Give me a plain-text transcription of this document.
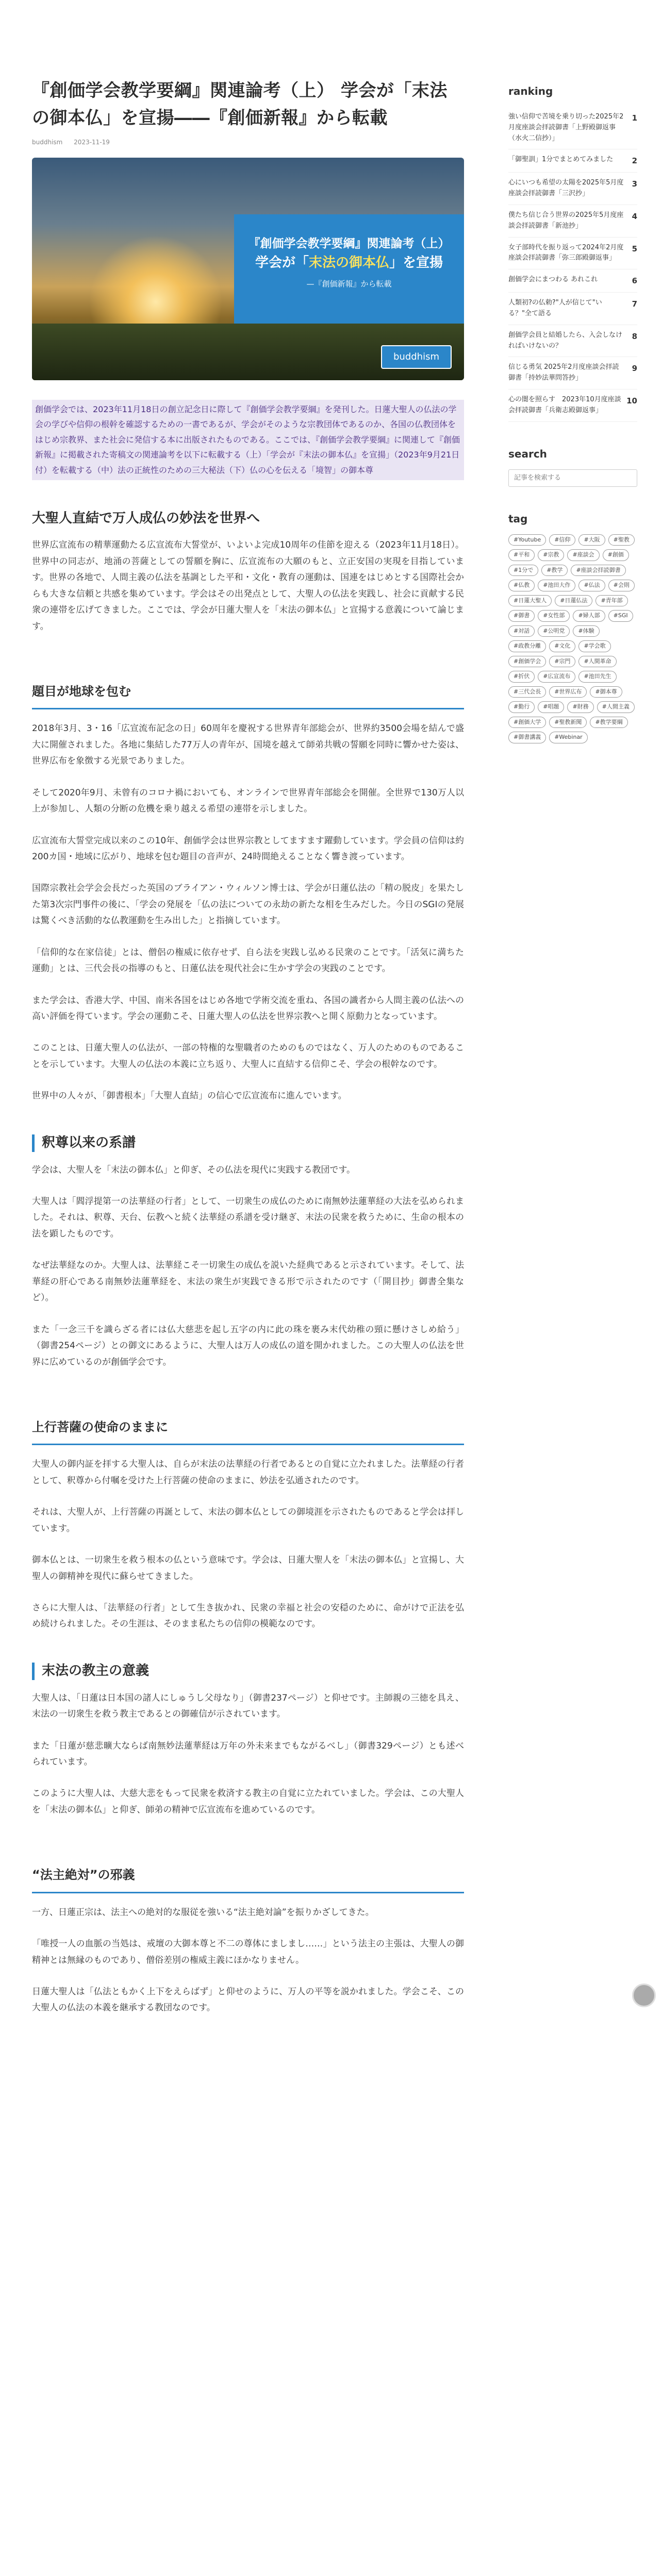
『創価学会教学要綱』関連論考（上） 学会が「末法の御本仏」を宣揚――『創価新報』から転載
buddhism 2023-11-19
『創価学会教学要綱』関連論考（上）
学会が「末法の御本仏」を宣揚
—『創価新報』から転載
buddhism
創価学会では、2023年11月18日の創立記念日に際して『創価学会教学要綱』を発刊した。日蓮大聖人の仏法の学会の学びや信仰の根幹を確認するための一書であるが、学会がそのような宗教団体であるのか、各国の仏教団体をはじめ宗教界、また社会に発信する本に出版されたものである。ここでは、『創価学会教学要綱』に関連して『創価新報』に掲載された寄稿文の関連論考を以下に転載する（上）「学会が『末法の御本仏』を宣揚」（2023年9月21日付）を転載する（中）法の正統性のための三大秘法（下）仏の心を伝える「境智」の御本尊
大聖人直結で万人成仏の妙法を世界へ

世界広宣流布の精華運動たる広宣流布大誓堂が、いよいよ完成10周年の佳節を迎える（2023年11月18日）。世界中の同志が、地涌の菩薩としての誓願を胸に、広宣流布の大願のもと、立正安国の実現を目指しています。世界の各地で、人間主義の仏法を基調とした平和・文化・教育の運動は、国連をはじめとする国際社会からも大きな信頼と共感を集めています。学会はその出発点として、大聖人の仏法を実践し、社会に貢献する民衆の連帯を広げてきました。ここでは、学会が日蓮大聖人を「末法の御本仏」と宣揚する意義について論じます。

題目が地球を包む

2018年3月、3・16「広宣流布記念の日」60周年を慶祝する世界青年部総会が、世界約3500会場を結んで盛大に開催されました。各地に集結した77万人の青年が、国境を越えて師弟共戦の誓願を同時に響かせた姿は、世界広布を象徴する光景でありました。

そして2020年9月、未曾有のコロナ禍においても、オンラインで世界青年部総会を開催。全世界で130万人以上が参加し、人類の分断の危機を乗り越える希望の連帯を示しました。

広宣流布大誓堂完成以来のこの10年、創価学会は世界宗教としてますます躍動しています。学会員の信仰は約200カ国・地域に広がり、地球を包む題目の音声が、24時間絶えることなく響き渡っています。

国際宗教社会学会会長だった英国のブライアン・ウィルソン博士は、学会が日蓮仏法の「精の脱皮」を果たした第3次宗門事件の後に、「学会の発展を「仏の法についての永劫の新たな相を生みだした。今日のSGIの発展は驚くべき活動的な仏教運動を生み出した」と指摘しています。

「信仰的な在家信徒」とは、僧侶の権威に依存せず、自ら法を実践し弘める民衆のことです。「活気に満ちた運動」とは、三代会長の指導のもと、日蓮仏法を現代社会に生かす学会の実践のことです。

また学会は、香港大学、中国、南米各国をはじめ各地で学術交流を重ね、各国の識者から人間主義の仏法への高い評価を得ています。学会の運動こそ、日蓮大聖人の仏法を世界宗教へと開く原動力となっています。

このことは、日蓮大聖人の仏法が、一部の特権的な聖職者のためのものではなく、万人のためのものであることを示しています。大聖人の仏法の本義に立ち返り、大聖人に直結する信仰こそ、学会の根幹なのです。

世界中の人々が、「御書根本」「大聖人直結」の信心で広宣流布に進んでいます。

釈尊以来の系譜

学会は、大聖人を「末法の御本仏」と仰ぎ、その仏法を現代に実践する教団です。

大聖人は「閻浮提第一の法華経の行者」として、一切衆生の成仏のために南無妙法蓮華経の大法を弘められました。それは、釈尊、天台、伝教へと続く法華経の系譜を受け継ぎ、末法の民衆を救うために、生命の根本の法を顕したものです。

なぜ法華経なのか。大聖人は、法華経こそ一切衆生の成仏を説いた経典であると示されています。そして、法華経の肝心である南無妙法蓮華経を、末法の衆生が実践できる形で示されたのです（「開目抄」御書全集など）。

また「一念三千を識らざる者には仏大慈悲を起し五字の内に此の珠を裹み末代幼稚の頸に懸けさしめ給う」（御書254ページ）との御文にあるように、大聖人は万人の成仏の道を開かれました。この大聖人の仏法を世界に広めているのが創価学会です。

上行菩薩の使命のままに

大聖人の御内証を拝する大聖人は、自らが末法の法華経の行者であるとの自覚に立たれました。法華経の行者として、釈尊から付嘱を受けた上行菩薩の使命のままに、妙法を弘通されたのです。

それは、大聖人が、上行菩薩の再誕として、末法の御本仏としての御境涯を示されたものであると学会は拝しています。

御本仏とは、一切衆生を救う根本の仏という意味です。学会は、日蓮大聖人を「末法の御本仏」と宣揚し、大聖人の御精神を現代に蘇らせてきました。

さらに大聖人は、「法華経の行者」として生き抜かれ、民衆の幸福と社会の安穏のために、命がけで正法を弘め続けられました。その生涯は、そのまま私たちの信仰の模範なのです。

末法の教主の意義

大聖人は、「日蓮は日本国の諸人にしゅうし父母なり」（御書237ページ）と仰せです。主師親の三徳を具え、末法の一切衆生を救う教主であるとの御確信が示されています。

また「日蓮が慈悲曠大ならば南無妙法蓮華経は万年の外未来までもながるべし」（御書329ページ）とも述べられています。

このように大聖人は、大慈大悲をもって民衆を救済する教主の自覚に立たれていました。学会は、この大聖人を「末法の御本仏」と仰ぎ、師弟の精神で広宣流布を進めているのです。

“法主絶対”の邪義

一方、日蓮正宗は、法主への絶対的な服従を強いる“法主絶対論”を振りかざしてきた。

「唯授一人の血脈の当処は、戒壇の大御本尊と不二の尊体にましまし……」という法主の主張は、大聖人の御精神とは無縁のものであり、僧俗差別の権威主義にほかなりません。

日蓮大聖人は「仏法ともかく上下をえらばず」と仰せのように、万人の平等を説かれました。学会こそ、この大聖人の仏法の本義を継承する教団なのです。

ranking
強い信仰で苦境を乗り切った2025年2月度座談会拝読御書「上野殿御返事（水火二信抄）」
1
「御聖訓」1分でまとめてみました	2
心にいつも希望の太陽を2025年5月度座談会拝読御書「三沢抄」
3
僕たち信じ合う世界の2025年5月度座談会拝読御書「新池抄」
4
女子部時代を振り返って2024年2月度座談会拝読御書「弥三郎殿御返事」
5
創価学会にまつわる あれこれ	6
人類初?の仏勅?"人が信じて"いる？"全て語る
7
創価学会員と結婚したら、入会しなければいけないの？
8
信じる勇気 2025年2月度座談会拝読御書「持妙法華問答抄」
9
心の闇を照らす　2023年10月度座談会拝読御書「兵衛志殿御返事」
10
search
記事を検索する
tag
#Youtube	#信仰	#大阪	#聖教
#平和	#宗教	#座談会	#創価
#1分で	#教学	#座談会拝読御書
#仏教	#池田大作	#仏法	#会則
#日蓮大聖人	#日蓮仏法	#青年部
#御書	#女性部	#婦人部	#SGI
#対話	#公明党	#体験
#政教分離	#文化	#学会歌
#創価学会	#宗門	#人間革命
#折伏	#広宣流布	#池田先生
#三代会長	#世界広布	#御本尊
#勤行	#唱題	#財務	#人間主義
#創価大学	#聖教新聞	#教学要綱
#御書講義	#Webinar
